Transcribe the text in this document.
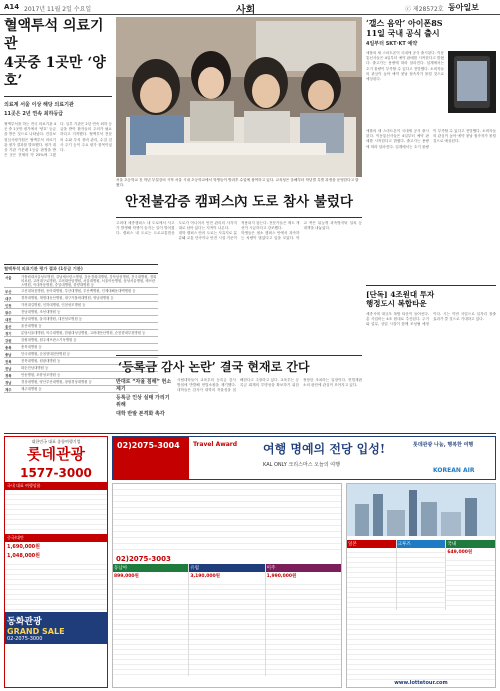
A14 2017년 11월 2일 수요일	사회	ⓒ 제28572호 동아일보
혈액투석 의료기관
4곳중 1곳만 ‘양호’
의료계 서울 이상 해당 의료기관
11곳은 2년 연속 최하등급

혈액투석을 하는 전국 의료기관 4곳 중 1곳만 평가에서 ‘양호’ 등급을 받은 것으로 나타났다. 건강보험심사평가원은 혈액투석 의료기관 평가 결과를 발표했다. 평가 대상 기관 가운데 1등급 판정을 받은 곳은 전체의 약 25%에 그쳤다. 일부 기관은 2년 연속 최하 등급을 받아 환자들의 주의가 필요하다고 지적했다. 혈액투석 전문의 수와 투석 장비 관리, 수질 검사 주기 등이 주요 평가 항목이었다.

혈액투석 의료기관 평가 결과 (1등급 기관)
서울	가톨릭대서울성모병원, 강남세브란스병원, 강동경희대병원, 강북삼성병원, 건국대병원, 경희의료원, 고려대구로병원, 고려대안암병원, 서울대병원, 서울아산병원, 삼성서울병원, 세브란스병원, 이대목동병원, 중앙대병원, 한양대병원 등
부산	고신대복음병원, 동아대병원, 부산대병원, 부산백병원, 인제대해운대백병원 등
대구	경북대병원, 계명대동산병원, 대구가톨릭대병원, 영남대병원 등
인천	가천대길병원, 인하대병원, 인천성모병원 등
광주	전남대병원, 조선대병원 등
대전	충남대병원, 을지대병원, 대전성모병원 등
울산	울산대병원 등
경기	분당서울대병원, 아주대병원, 한림대성심병원, 고려대안산병원, 순천향대부천병원 등
강원	강원대병원, 원주세브란스기독병원 등
충북	충북대병원 등
충남	단국대병원, 순천향대천안병원 등
전북	전북대병원, 원광대병원 등
전남	화순전남대병원 등
경북	안동병원, 포항성모병원 등
경남	경상대병원, 양산부산대병원, 창원경상대병원 등
제주	제주대병원 등
서울 초등학교 친 학년 부설강의 시작 서울 시내 초등학교에서 학생들이 방과후 수업에 참여하고 있다. 교육청은 올해부터 학년별 특별 과정을 운영한다고 밝혔다.
안전불감증 캠퍼스內 도로 참사 불렀다

고려대 세종캠퍼스 내 도로에서 사고가 발생해 학생이 숨지는 일이 벌어졌다. 캠퍼스 내 도로는 도로교통법상 도로가 아니어서 안전 관리의 사각지대로 남아 있다는 지적이 나온다.

대학 캠퍼스 안의 도로는 사유지로 분류돼 교통 단속이나 안전 시설 기준이 적용되지 않는다. 전문가들은 제도 개선이 시급하다고 강조했다.

학생들은 평소 캠퍼스 안에서 과속하는 차량이 많았다고 입을 모았다. 학교 측은 뒤늦게 과속방지턱 설치 등 대책을 내놓았다.

‘등록금 감사 논란’ 결국 현재로 간다
반대로 “자율 침해” 헌소제기
등록금 인상 실태 가리기 위해
대학 반발 본격화 촉각

사립대학들이 교육부의 등록금 감사 방침에 반발해 헌법소원을 제기했다. 대학들은 감사가 대학의 자율성을 침해한다고 주장하고 있다. 교육부는 등록금 회계의 투명성을 확보하기 위한 정당한 조치라는 입장이다. 헌법재판소의 판단에 관심이 모아지고 있다.

‘갤스 음악’ 아이폰8S
11일 국내 공식 출시
4일부터 SKT·KT 예약

애플의 새 스마트폰이 국내에 공식 출시된다. 이동통신사들은 4일부터 예약 판매를 시작한다고 밝혔다. 출고가는 용량에 따라 달라진다. 업계에서는 초기 물량이 부족할 수 있다고 전망했다. 소비자들의 관심이 높아 예약 첫날 접속자가 몰릴 것으로 예상된다.

애플의 새 스마트폰이 국내에 공식 출시된다. 이동통신사들은 4일부터 예약 판매를 시작한다고 밝혔다. 출고가는 용량에 따라 달라진다. 업계에서는 초기 물량이 부족할 수 있다고 전망했다. 소비자들의 관심이 높아 예약 첫날 접속자가 몰릴 것으로 예상된다.

[단독] 4조원대 투자
행정도시 복합타운

세종시에 대규모 복합 타운이 들어선다. 총 사업비는 4조 원대로 추산된다. 주거와 업무, 상업 시설이 함께 조성될 예정이다. 시는 이번 사업으로 일자리 창출 효과가 클 것으로 기대하고 있다.

대한민국 대표 종합여행기업
롯데관광
1577-3000
국내 대표 여행상품
중국/대만
1,690,000원
1,048,000원
동화관광
GRAND SALE
02-2075-3000
02)2075-3004	Travel Award 여행 명예의 전당 입성!
KAL ONLY 크리스마스 오늘의 여행
롯데관광 나눔, 행복한 여행
KOREAN AIR
02)2075-3003
동남아
899,000원
유럽
3,190,000원
미주
1,990,000원
일본	크루즈	국내
649,000원
www.lottetour.com
